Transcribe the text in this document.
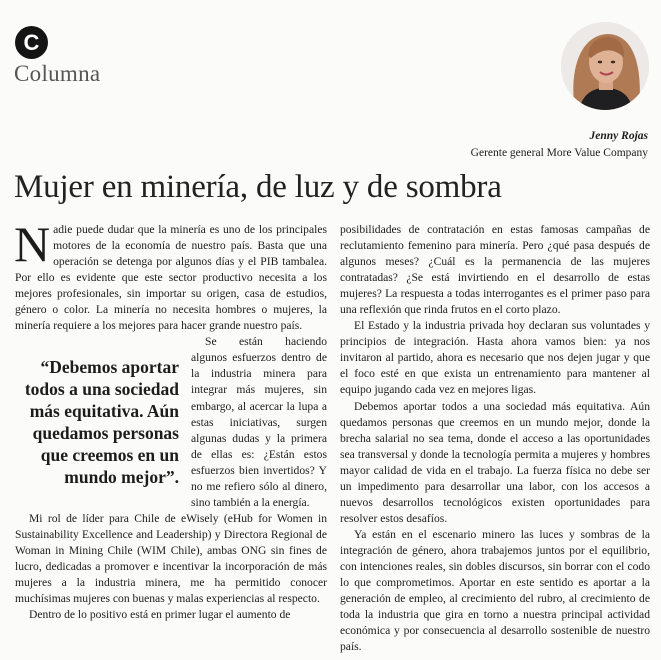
C
Columna
Jenny Rojas
Gerente general More Value Company
Mujer en minería, de luz y de sombra

Nadie puede dudar que la minería es uno de los principales motores de la economía de nuestro país. Basta que una operación se detenga por algunos días y el PIB tambalea. Por ello es evidente que este sector productivo necesita a los mejores profesionales, sin importar su origen, casa de estudios, género o color. La minería no necesita hombres o mujeres, la minería requiere a los mejores para hacer grande nuestro país.

“Debemos aportar todos a una sociedad más equitativa. Aún quedamos personas que creemos en un mundo mejor”.

Se están haciendo algunos esfuerzos dentro de la industria minera para integrar más mujeres, sin embargo, al acercar la lupa a estas iniciativas, surgen algunas dudas y la primera de ellas es: ¿Están estos esfuerzos bien invertidos? Y no me refiero sólo al dinero, sino también a la energía.

Mi rol de líder para Chile de eWisely (eHub for Women in Sustainability Excellence and Leadership) y Directora Regional de Woman in Mining Chile (WIM Chile), ambas ONG sin fines de lucro, dedicadas a promover e incentivar la incorporación de más mujeres a la industria minera, me ha permitido conocer muchísimas mujeres con buenas y malas experiencias al respecto.

Dentro de lo positivo está en primer lugar el aumento de

posibilidades de contratación en estas famosas campañas de reclutamiento femenino para minería. Pero ¿qué pasa después de algunos meses? ¿Cuál es la permanencia de las mujeres contratadas? ¿Se está invirtiendo en el desarrollo de estas mujeres? La respuesta a todas interrogantes es el primer paso para una reflexión que rinda frutos en el corto plazo.

El Estado y la industria privada hoy declaran sus voluntades y principios de integración. Hasta ahora vamos bien: ya nos invitaron al partido, ahora es necesario que nos dejen jugar y que el foco esté en que exista un entrenamiento para mantener al equipo jugando cada vez en mejores ligas.

Debemos aportar todos a una sociedad más equitativa. Aún quedamos personas que creemos en un mundo mejor, donde la brecha salarial no sea tema, donde el acceso a las oportunidades sea transversal y donde la tecnología permita a mujeres y hombres mayor calidad de vida en el trabajo. La fuerza física no debe ser un impedimento para desarrollar una labor, con los accesos a nuevos desarrollos tecnológicos existen oportunidades para resolver estos desafíos.

Ya están en el escenario minero las luces y sombras de la integración de género, ahora trabajemos juntos por el equilibrio, con intenciones reales, sin dobles discursos, sin borrar con el codo lo que comprometimos. Aportar en este sentido es aportar a la generación de empleo, al crecimiento del rubro, al crecimiento de toda la industria que gira en torno a nuestra principal actividad económica y por consecuencia al desarrollo sostenible de nuestro país.
